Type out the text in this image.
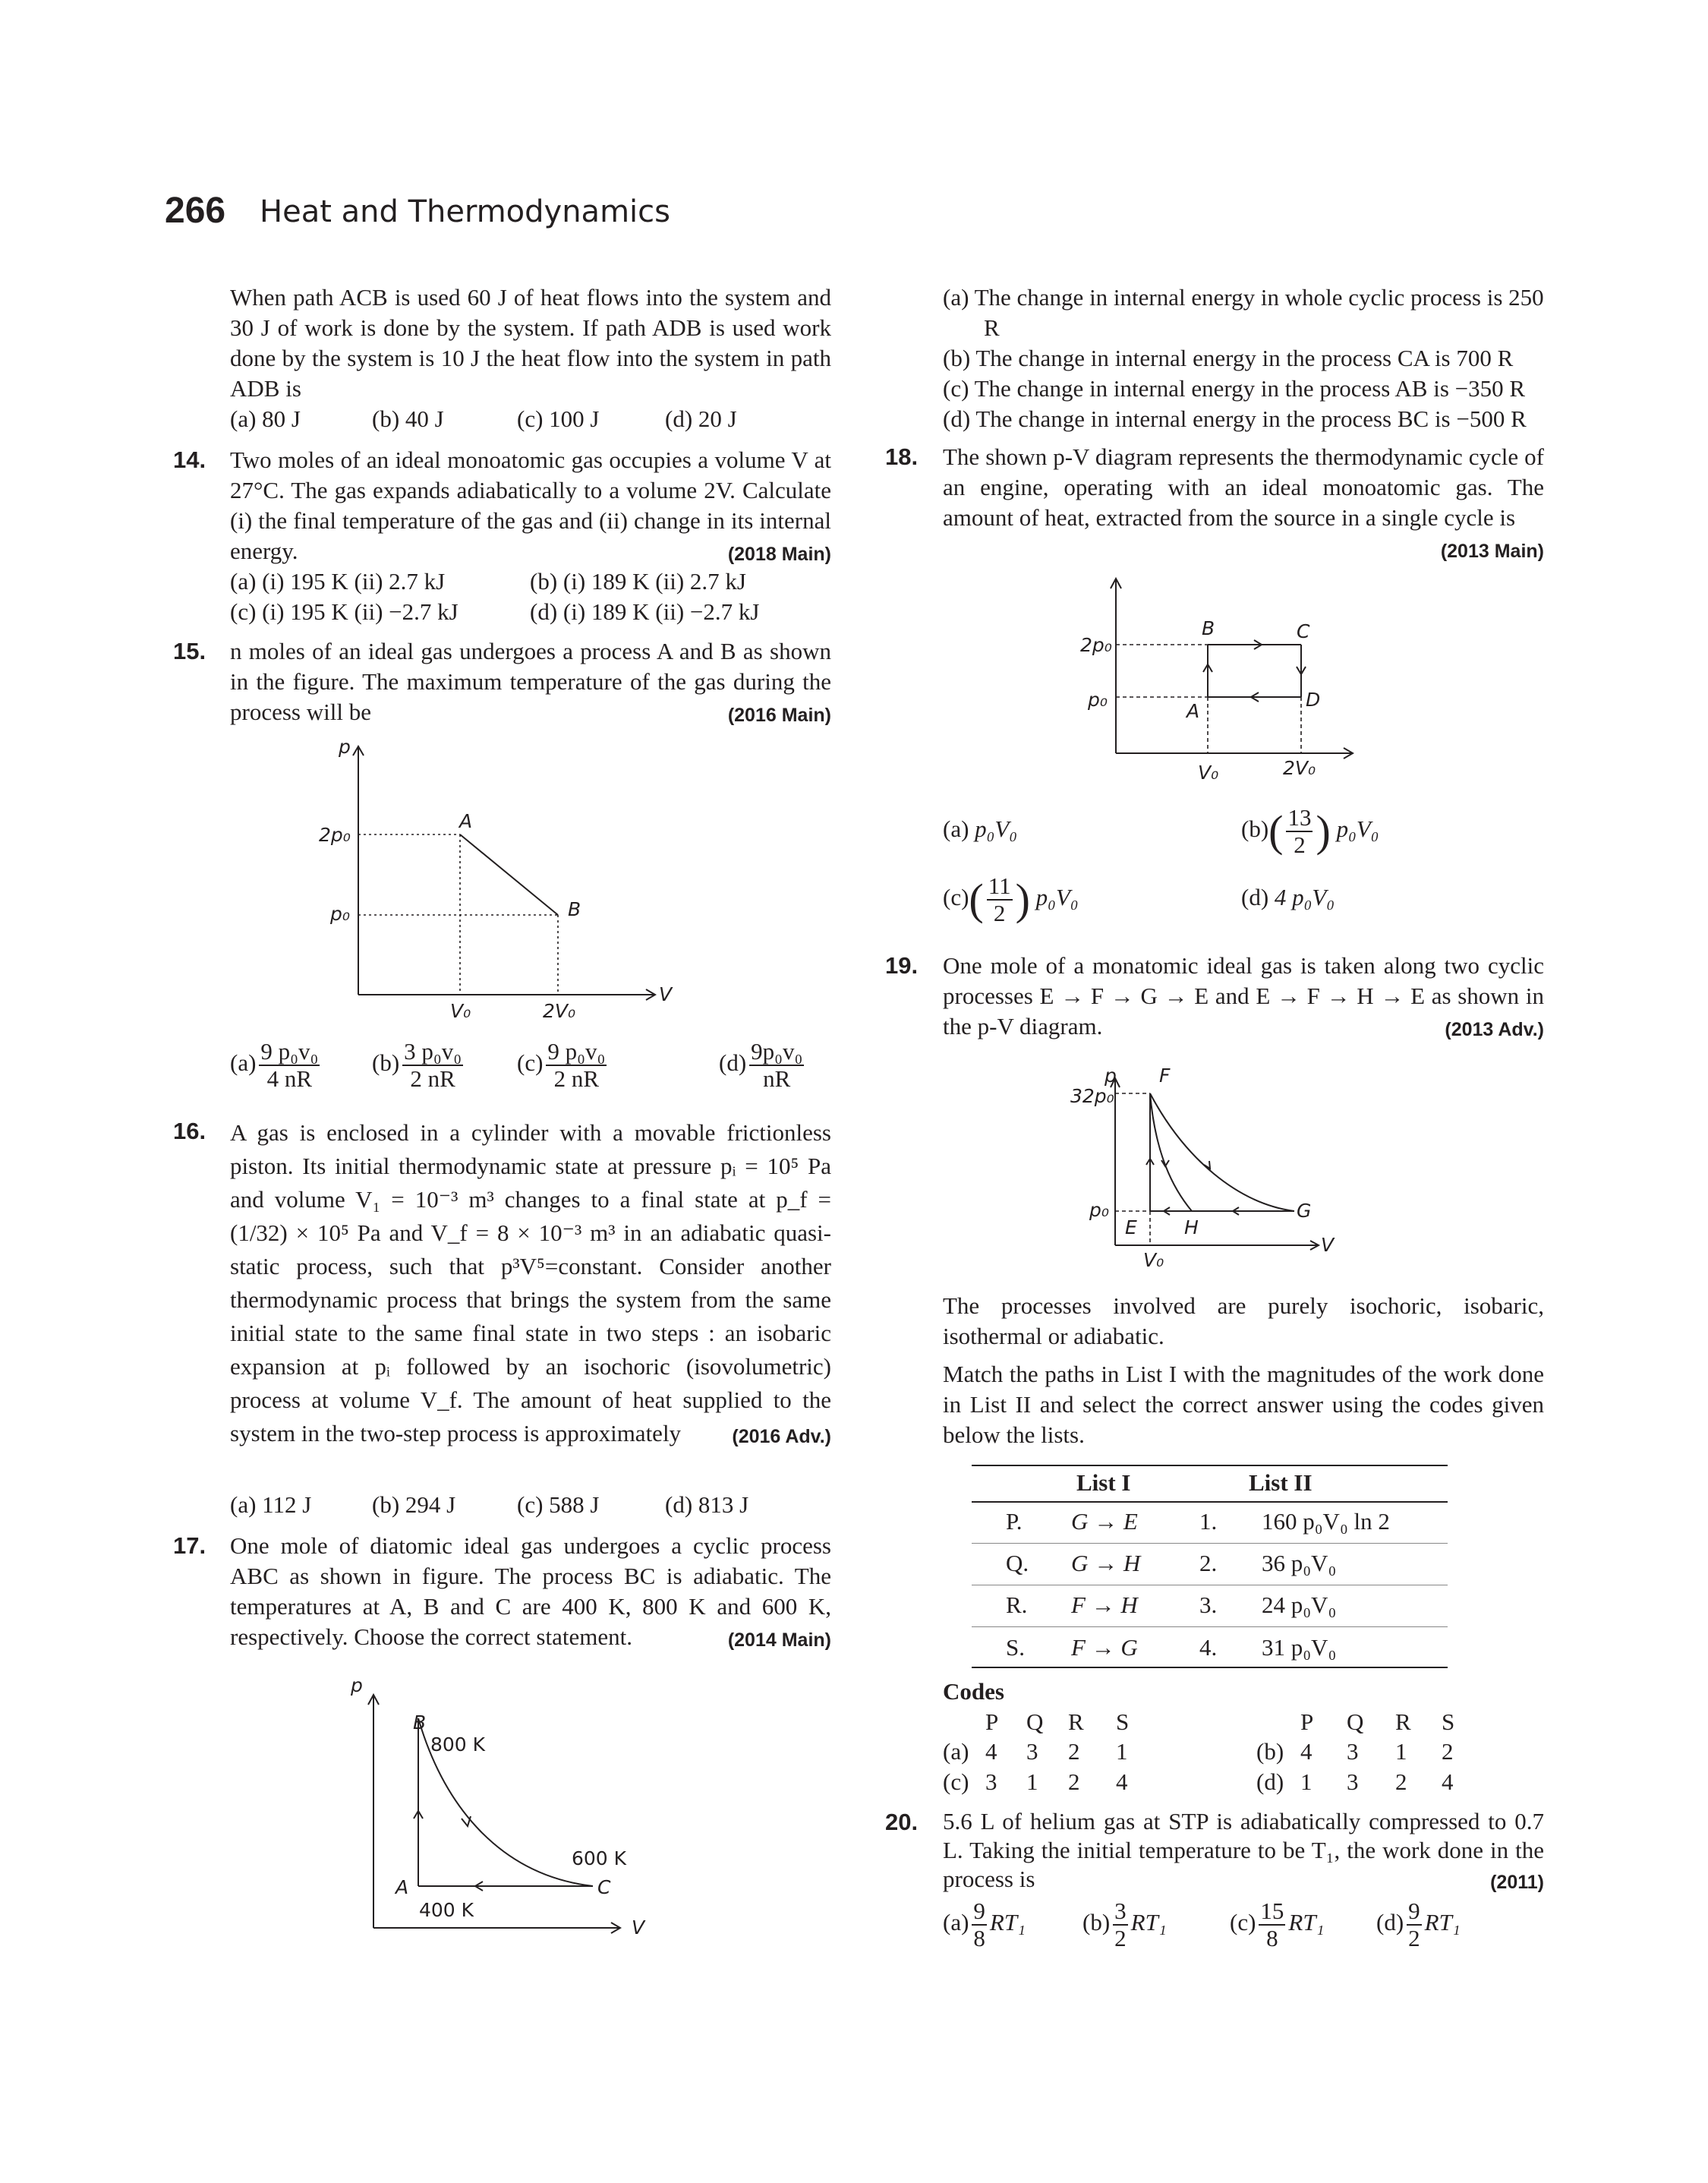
266 Heat and Thermodynamics
When path ACB is used 60 J of heat flows into the system and 30 J of work is done by the system. If path ADB is used work done by the system is 10 J the heat flow into the system in path ADB is
(a) 80 J	(b) 40 J	(c) 100 J	(d) 20 J
14. Two moles of an ideal monoatomic gas occupies a volume V at 27°C. The gas expands adiabatically to a volume 2V. Calculate (i) the final temperature of the gas and (ii) change in its internal energy.	(2018 Main)
(a) (i) 195 K (ii) 2.7 kJ	(b) (i) 189 K (ii) 2.7 kJ
(c) (i) 195 K (ii) −2.7 kJ	(d) (i) 189 K (ii) −2.7 kJ
15. n moles of an ideal gas undergoes a process A and B as shown in the figure. The maximum temperature of the gas during the process will be	(2016 Main)
p
V
2p₀
p₀
V₀	2V₀
A
B
$(a) \frac{\text{9 p₀v₀}}{4 nR} (b) \frac{\text{3 p₀v₀}}{2 nR} (c) \frac{\text{9 p₀v₀}}{2 nR}$	$(d) \frac{\text{9p₀v₀}}{nR}$
16. A gas is enclosed in a cylinder with a movable frictionless piston. Its initial thermodynamic state at pressure pᵢ = 10⁵ Pa and volume V₁ = 10⁻³ m³ changes to a final state at p_f = (1/32) × 10⁵ Pa and V_f = 8 × 10⁻³ m³ in an adiabatic quasi-static process, such that p³V⁵=constant. Consider another thermodynamic process that brings the system from the same initial state to the same final state in two steps : an isobaric expansion at pᵢ followed by an isochoric (isovolumetric) process at volume V_f. The amount of heat supplied to the system in the two-step process is approximately	(2016 Adv.)
(a) 112 J	(b) 294 J	(c) 588 J	(d) 813 J
17. One mole of diatomic ideal gas undergoes a cyclic process ABC as shown in figure. The process BC is adiabatic. The temperatures at A, B and C are 400 K, 800 K and 600 K, respectively. Choose the correct statement.	(2014 Main)
p
V
B
800 K
600 K
C
A
400 K
(a) The change in internal energy in whole cyclic process is 250 R
(b) The change in internal energy in the process CA is 700 R
(c) The change in internal energy in the process AB is −350 R
(d) The change in internal energy in the process BC is −500 R
18. The shown p-V diagram represents the thermodynamic cycle of an engine, operating with an ideal monoatomic gas. The amount of heat, extracted from the source in a single cycle is
(2013 Main)
2p₀
p₀
B	C
A
D
V₀	2V₀
(a) p₀V₀	$(b)( \frac{13}{2}$ ) p₀V₀
$(c)( \frac{11}{2}$ ) p₀V₀	(d) 4 p₀V₀
19. One mole of a monatomic ideal gas is taken along two cyclic processes E → F → G → E and E → F → H → E as shown in the p-V diagram.	(2013 Adv.)
p F
32p₀
p₀
E H
G
V
V₀
The processes involved are purely isochoric, isobaric, isothermal or adiabatic.
Match the paths in List I with the magnitudes of the work done in List II and select the correct answer using the codes given below the lists.
List I	List II
P. G → E	1. 160 p₀V₀ ln 2
Q. G → H	2. 36 p₀V₀
R. F → H	3. 24 p₀V₀
S. F → G	4. 31 p₀V₀
Codes
P Q R S	P Q R S
(a) 4 3 2 1	(b) 4 3 1 2
(c) 3 1 2 4	(d) 1 3 2 4
20. 5.6 L of helium gas at STP is adiabatically compressed to 0.7 L. Taking the initial temperature to be T₁, the work done in the process is	(2011)
$(a) \frac{9}{8} RT_1$ $(b) \frac{3}{2} RT_1$	$(c) \frac{15}{8} RT_1$ $(d) \frac{9}{2} RT_1$
